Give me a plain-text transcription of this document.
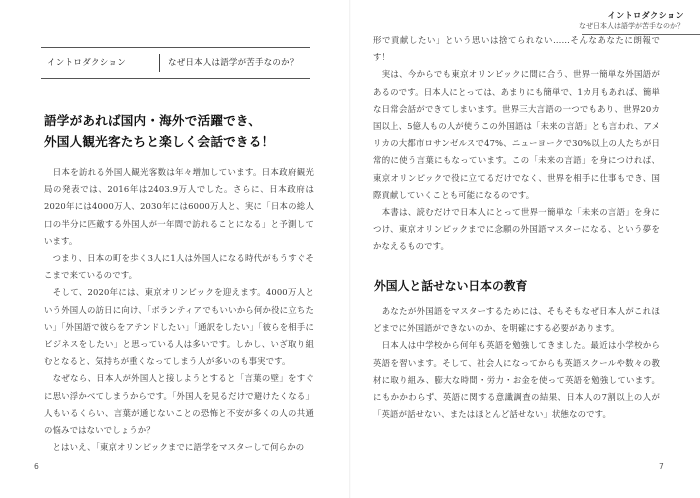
イントロダクション	なぜ日本人は語学が苦手なのか？
語学があれば国内・海外で活躍でき、
外国人観光客たちと楽しく会話できる！

　日本を訪れる外国人観光客数は年々増加しています。日本政府観光局の発表では、2016年は2403.9万人でした。さらに、日本政府は2020年には4000万人、2030年には6000万人と、実に「日本の総人口の半分に匹敵する外国人が一年間で訪れることになる」と予測しています。

　つまり、日本の町を歩く3人に1人は外国人になる時代がもうすぐそこまで来ているのです。

　そして、2020年には、東京オリンピックを迎えます。4000万人という外国人の訪日に向け、「ボランティアでもいいから何か役に立ちたい」「外国語で彼らをアテンドしたい」「通訳をしたい」「彼らを相手にビジネスをしたい」と思っている人は多いです。しかし、いざ取り組むとなると、気持ちが重くなってしまう人が多いのも事実です。

　なぜなら、日本人が外国人と接しようとすると「言葉の壁」をすぐに思い浮かべてしまうからです。「外国人を見るだけで避けたくなる」人もいるくらい、言葉が通じないことの恐怖と不安が多くの人の共通の悩みではないでしょうか？

　とはいえ、「東京オリンピックまでに語学をマスターして何らかの

6
イントロダクション
なぜ日本人は語学が苦手なのか？

形で貢献したい」という思いは捨てられない……そんなあなたに朗報です！

　実は、今からでも東京オリンピックに間に合う、世界一簡単な外国語があるのです。日本人にとっては、あまりにも簡単で、1カ月もあれば、簡単な日常会話ができてしまいます。世界三大言語の一つでもあり、世界20カ国以上、5億人もの人が使うこの外国語は「未来の言語」とも言われ、アメリカの大都市ロサンゼルスで47%、ニューヨークで30%以上の人たちが日常的に使う言葉にもなっています。この「未来の言語」を身につければ、東京オリンピックで役に立てるだけでなく、世界を相手に仕事もでき、国際貢献していくことも可能になるのです。

　本書は、読むだけで日本人にとって世界一簡単な「未来の言語」を身につけ、東京オリンピックまでに念願の外国語マスターになる、という夢をかなえるものです。

外国人と話せない日本の教育

　あなたが外国語をマスターするためには、そもそもなぜ日本人がこれほどまでに外国語ができないのか、を明確にする必要があります。

　日本人は中学校から何年も英語を勉強してきました。最近は小学校から英語を習います。そして、社会人になってからも英語スクールや数々の教材に取り組み、膨大な時間・労力・お金を使って英語を勉強しています。にもかかわらず、英語に関する意識調査の結果、日本人の7割以上の人が「英語が話せない、またはほとんど話せない」状態なのです。

7
